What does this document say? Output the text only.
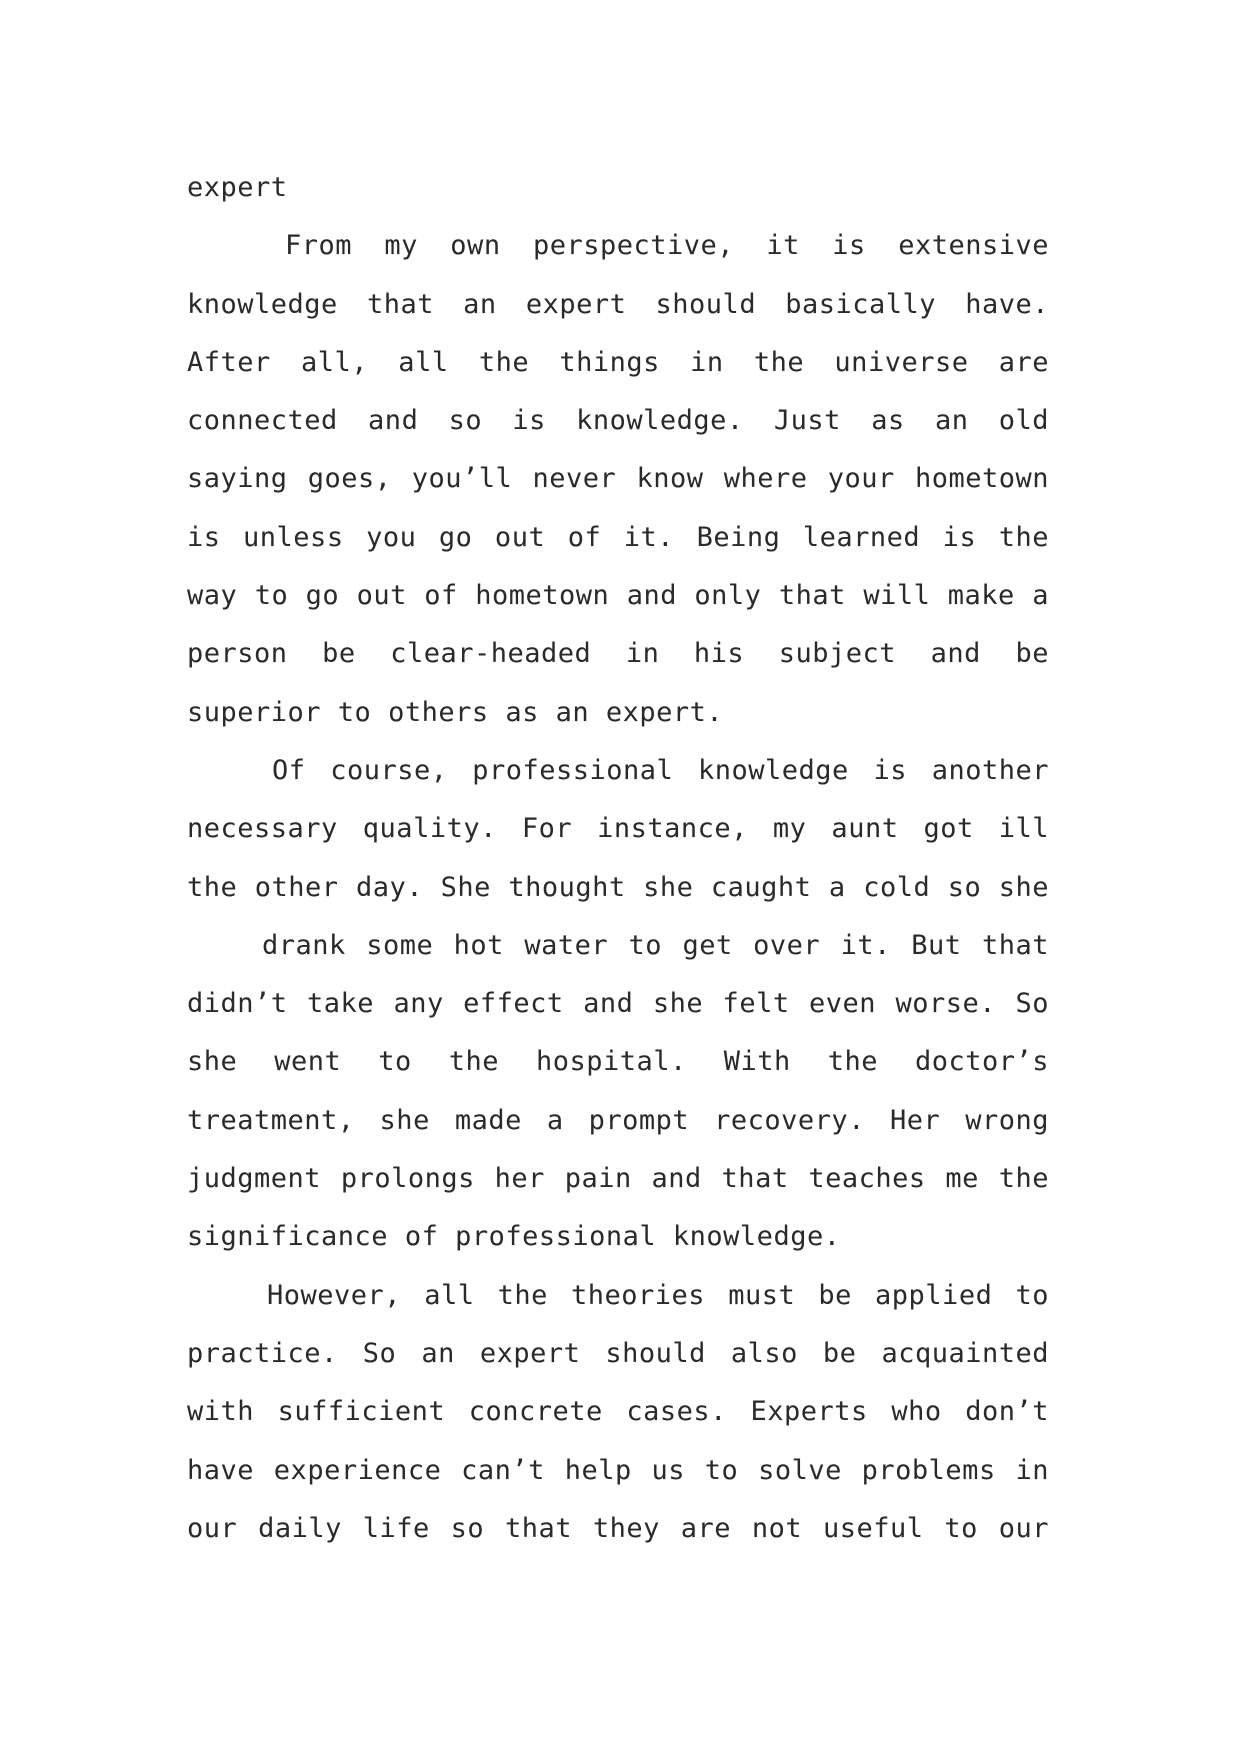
expert
From my own perspective, it is extensive
knowledge that an expert should basically have.
After all, all the things in the universe are
connected and so is knowledge. Just as an old
saying goes, you’ll never know where your hometown
is unless you go out of it. Being learned is the
way to go out of hometown and only that will make a
person be clear-headed in his subject and be
superior to others as an expert.
Of course, professional knowledge is another
necessary quality. For instance, my aunt got ill
the other day. She thought she caught a cold so she
drank some hot water to get over it. But that
didn’t take any effect and she felt even worse. So
she went to the hospital. With the doctor’s
treatment, she made a prompt recovery. Her wrong
judgment prolongs her pain and that teaches me the
significance of professional knowledge.
However, all the theories must be applied to
practice. So an expert should also be acquainted
with sufficient concrete cases. Experts who don’t
have experience can’t help us to solve problems in
our daily life so that they are not useful to our
